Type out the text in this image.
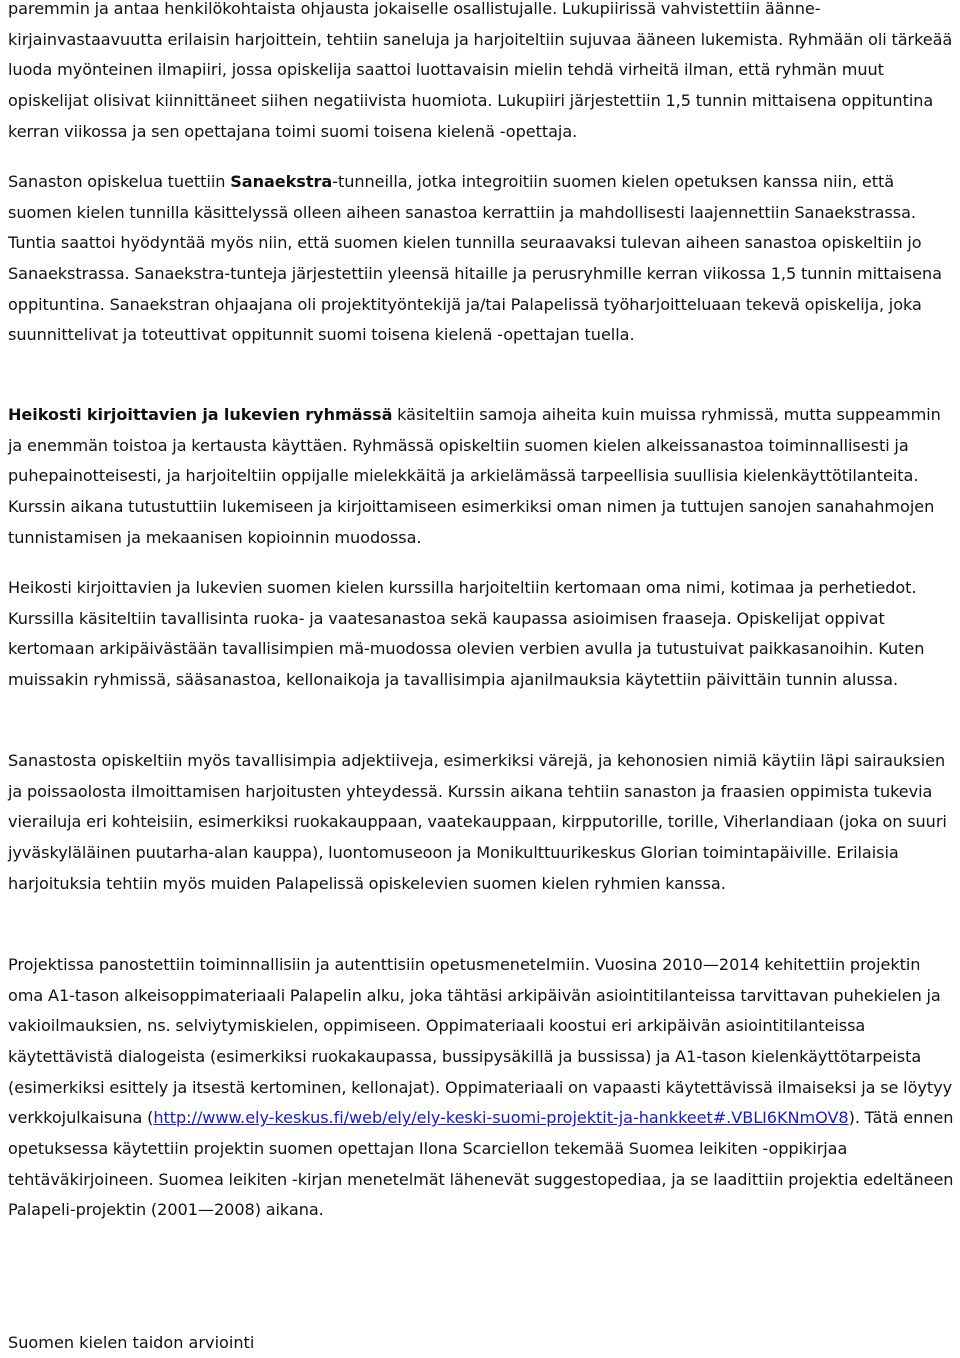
paremmin ja antaa henkilökohtaista ohjausta jokaiselle osallistujalle. Lukupiirissä vahvistettiin äänne-kirjainvastaavuutta erilaisin harjoittein, tehtiin saneluja ja harjoiteltiin sujuvaa ääneen lukemista. Ryhmään oli tärkeää luoda myönteinen ilmapiiri, jossa opiskelija saattoi luottavaisin mielin tehdä virheitä ilman, että ryhmän muut opiskelijat olisivat kiinnittäneet siihen negatiivista huomiota. Lukupiiri järjestettiin 1,5 tunnin mittaisena oppituntina kerran viikossa ja sen opettajana toimi suomi toisena kielenä -opettaja.

Sanaston opiskelua tuettiin Sanaekstra-tunneilla, jotka integroitiin suomen kielen opetuksen kanssa niin, että suomen kielen tunnilla käsittelyssä olleen aiheen sanastoa kerrattiin ja mahdollisesti laajennettiin Sanaekstrassa. Tuntia saattoi hyödyntää myös niin, että suomen kielen tunnilla seuraavaksi tulevan aiheen sanastoa opiskeltiin jo Sanaekstrassa. Sanaekstra-tunteja järjestettiin yleensä hitaille ja perusryhmille kerran viikossa 1,5 tunnin mittaisena oppituntina. Sanaekstran ohjaajana oli projektityöntekijä ja/tai Palapelissä työharjoitteluaan tekevä opiskelija, joka suunnittelivat ja toteuttivat oppitunnit suomi toisena kielenä -opettajan tuella.

Heikosti kirjoittavien ja lukevien ryhmässä käsiteltiin samoja aiheita kuin muissa ryhmissä, mutta suppeammin ja enemmän toistoa ja kertausta käyttäen. Ryhmässä opiskeltiin suomen kielen alkeissanastoa toiminnallisesti ja puhepainotteisesti, ja harjoiteltiin oppijalle mielekkäitä ja arkielämässä tarpeellisia suullisia kielenkäyttötilanteita. Kurssin aikana tutustuttiin lukemiseen ja kirjoittamiseen esimerkiksi oman nimen ja tuttujen sanojen sanahahmojen tunnistamisen ja mekaanisen kopioinnin muodossa.

Heikosti kirjoittavien ja lukevien suomen kielen kurssilla harjoiteltiin kertomaan oma nimi, kotimaa ja perhetiedot. Kurssilla käsiteltiin tavallisinta ruoka- ja vaatesanastoa sekä kaupassa asioimisen fraaseja. Opiskelijat oppivat kertomaan arkipäivästään tavallisimpien mä-muodossa olevien verbien avulla ja tutustuivat paikkasanoihin. Kuten muissakin ryhmissä, sääsanastoa, kellonaikoja ja tavallisimpia ajanilmauksia käytettiin päivittäin tunnin alussa.

Sanastosta opiskeltiin myös tavallisimpia adjektiiveja, esimerkiksi värejä, ja kehonosien nimiä käytiin läpi sairauksien ja poissaolosta ilmoittamisen harjoitusten yhteydessä. Kurssin aikana tehtiin sanaston ja fraasien oppimista tukevia vierailuja eri kohteisiin, esimerkiksi ruokakauppaan, vaatekauppaan, kirpputorille, torille, Viherlandiaan (joka on suuri jyväskyläläinen puutarha-alan kauppa), luontomuseoon ja Monikulttuurikeskus Glorian toimintapäiville. Erilaisia harjoituksia tehtiin myös muiden Palapelissä opiskelevien suomen kielen ryhmien kanssa.

Projektissa panostettiin toiminnallisiin ja autenttisiin opetusmenetelmiin. Vuosina 2010—2014 kehitettiin projektin oma A1-tason alkeisoppimateriaali Palapelin alku, joka tähtäsi arkipäivän asiointitilanteissa tarvittavan puhekielen ja vakioilmauksien, ns. selviytymiskielen, oppimiseen. Oppimateriaali koostui eri arkipäivän asiointitilanteissa käytettävistä dialogeista (esimerkiksi ruokakaupassa, bussipysäkillä ja bussissa) ja A1-tason kielenkäyttötarpeista (esimerkiksi esittely ja itsestä kertominen, kellonajat). Oppimateriaali on vapaasti käytettävissä ilmaiseksi ja se löytyy verkkojulkaisuna (http://www.ely-keskus.fi/web/ely/ely-keski-suomi-projektit-ja-hankkeet#.VBLI6KNmOV8). Tätä ennen opetuksessa käytettiin projektin suomen opettajan Ilona Scarciellon tekemää Suomea leikiten -oppikirjaa tehtäväkirjoineen. Suomea leikiten -kirjan menetelmät lähenevät suggestopediaa, ja se laadittiin projektia edeltäneen Palapeli-projektin (2001—2008) aikana.

Suomen kielen taidon arviointi
